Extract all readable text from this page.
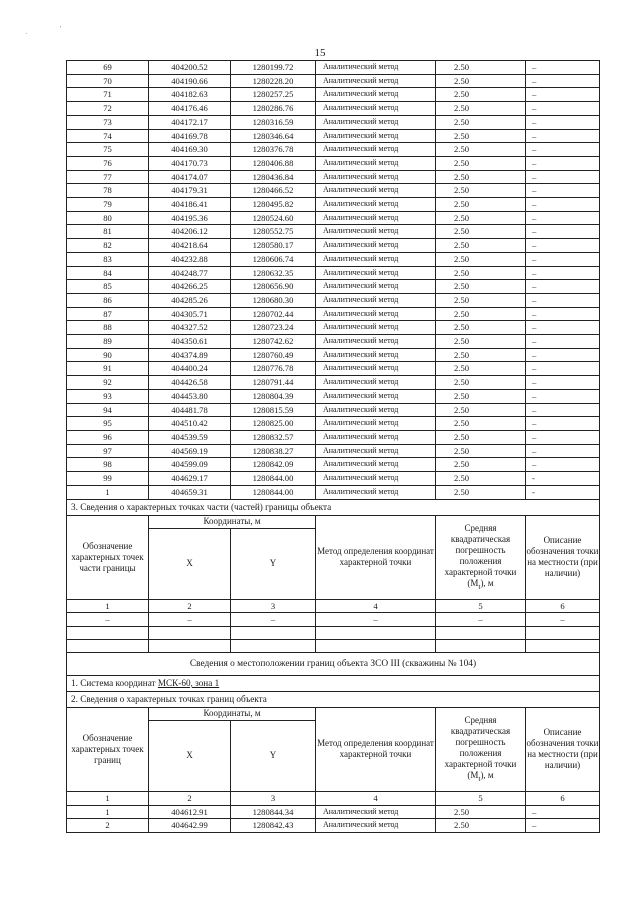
15
.
'
69	404200.52	1280199.72	Аналитический метод	2.50	–
70	404190.66	1280228.20	Аналитический метод	2.50	–
71	404182.63	1280257.25	Аналитический метод	2.50	–
72	404176.46	1280286.76	Аналитический метод	2.50	–
73	404172.17	1280316.59	Аналитический метод	2.50	–
74	404169.78	1280346.64	Аналитический метод	2.50	–
75	404169.30	1280376.78	Аналитический метод	2.50	–
76	404170.73	1280406.88	Аналитический метод	2.50	–
77	404174.07	1280436.84	Аналитический метод	2.50	–
78	404179.31	1280466.52	Аналитический метод	2.50	–
79	404186.41	1280495.82	Аналитический метод	2.50	–
80	404195.36	1280524.60	Аналитический метод	2.50	–
81	404206.12	1280552.75	Аналитический метод	2.50	–
82	404218.64	1280580.17	Аналитический метод	2.50	–
83	404232.88	1280606.74	Аналитический метод	2.50	–
84	404248.77	1280632.35	Аналитический метод	2.50	–
85	404266.25	1280656.90	Аналитический метод	2.50	–
86	404285.26	1280680.30	Аналитический метод	2.50	–
87	404305.71	1280702.44	Аналитический метод	2.50	–
88	404327.52	1280723.24	Аналитический метод	2.50	–
89	404350.61	1280742.62	Аналитический метод	2.50	–
90	404374.89	1280760.49	Аналитический метод	2.50	–
91	404400.24	1280776.78	Аналитический метод	2.50	–
92	404426.58	1280791.44	Аналитический метод	2.50	–
93	404453.80	1280804.39	Аналитический метод	2.50	–
94	404481.78	1280815.59	Аналитический метод	2.50	–
95	404510.42	1280825.00	Аналитический метод	2.50	–
96	404539.59	1280832.57	Аналитический метод	2.50	–
97	404569.19	1280838.27	Аналитический метод	2.50	–
98	404599.09	1280842.09	Аналитический метод	2.50	–
99	404629.17	1280844.00	Аналитический метод	2.50	-
1	404659.31	1280844.00	Аналитический метод	2.50	-
3. Сведения о характерных точках части (частей) границы объекта					
Обозначение характерных точек части границы	Координаты, м		Метод определения координат характерной точки	Средняя квадратическая погрешность положения характерной точки $(M_t)$, м	Описание обозначения точки на местности (при наличии)
	X	Y			
1	2	3	4	5	6
–	–	–	–	–	–

Сведения о местоположении границ объекта ЗСО III (скважины № 104)					
1. Система координат МСК-60, зона 1					
2. Сведения о характерных точках границ объекта					
Обозначение характерных точек границ	Координаты, м		Метод определения координат характерной точки	Средняя квадратическая погрешность положения характерной точки $(M_t)$, м	Описание обозначения точки на местности (при наличии)
	X	Y			
1	2	3	4	5	6
1	404612.91	1280844.34	Аналитический метод	2.50	–
2	404642.99	1280842.43	Аналитический метод	2.50	–
